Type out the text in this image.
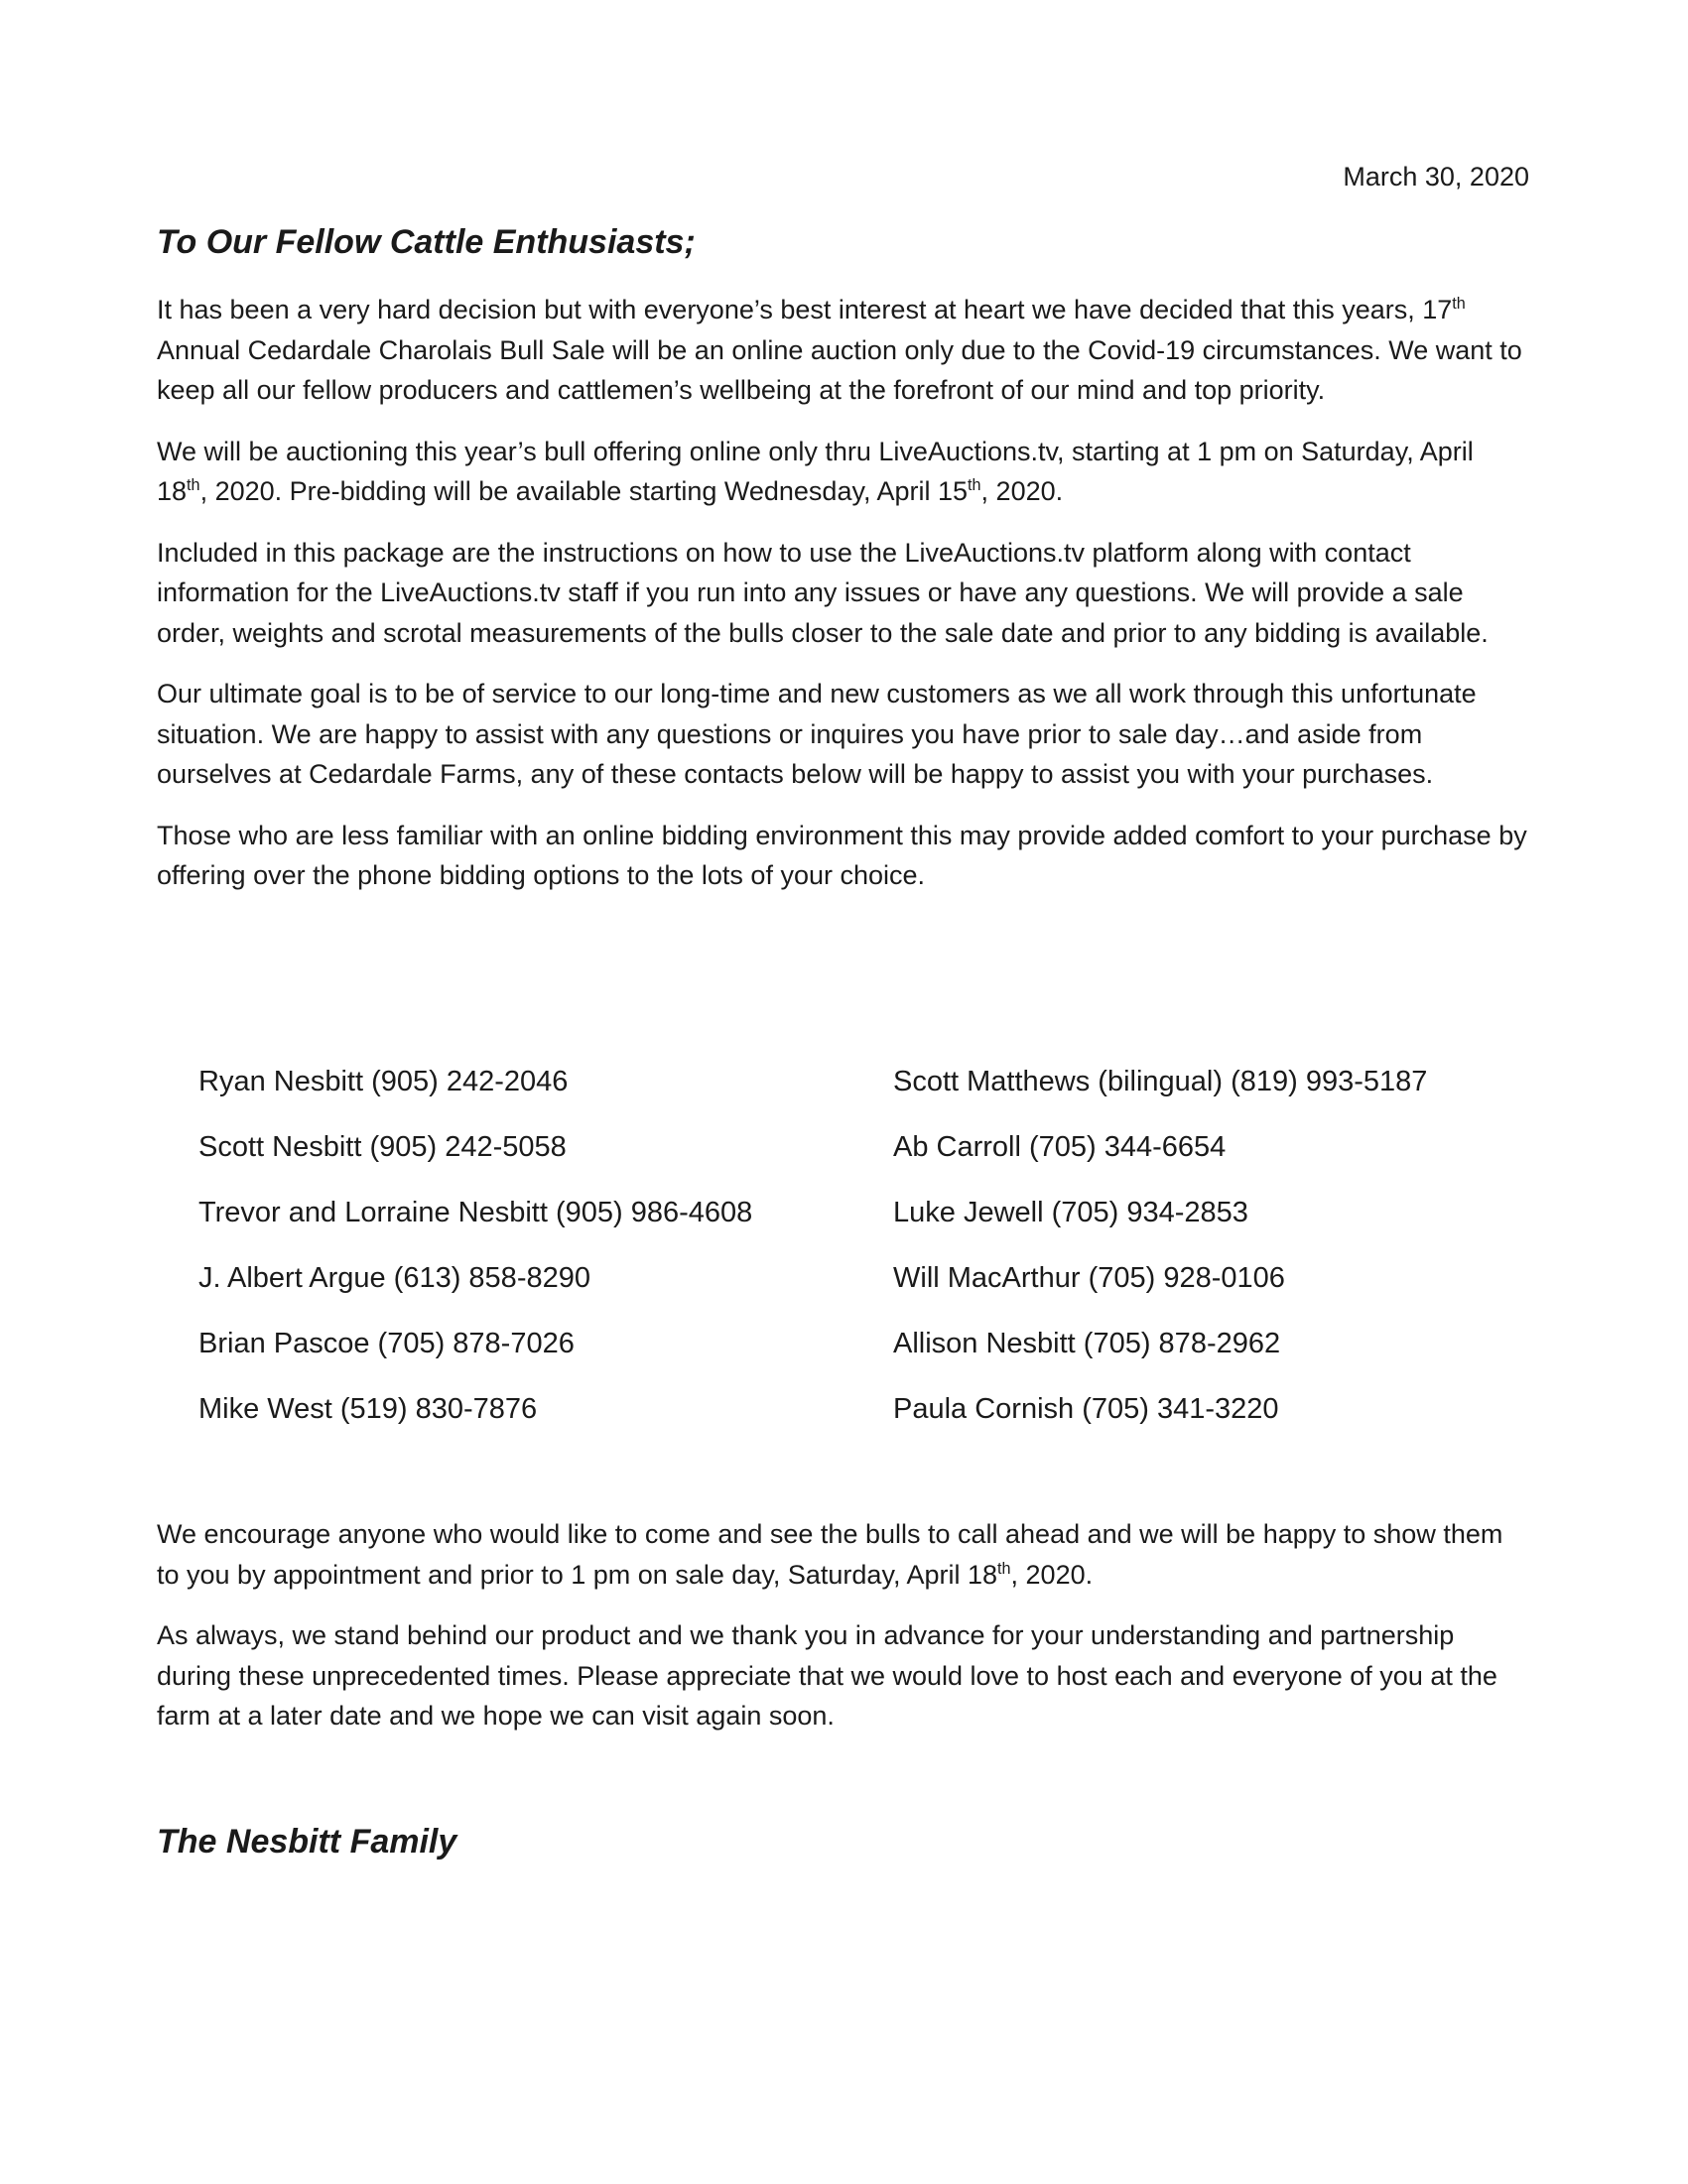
March 30, 2020
To Our Fellow Cattle Enthusiasts;

It has been a very hard decision but with everyone’s best interest at heart we have decided that this years, 17th Annual Cedardale Charolais Bull Sale will be an online auction only due to the Covid-19 circumstances. We want to keep all our fellow producers and cattlemen’s wellbeing at the forefront of our mind and top priority.

We will be auctioning this year’s bull offering online only thru LiveAuctions.tv, starting at 1 pm on Saturday, April 18th, 2020. Pre-bidding will be available starting Wednesday, April 15th, 2020.

Included in this package are the instructions on how to use the LiveAuctions.tv platform along with contact information for the LiveAuctions.tv staff if you run into any issues or have any questions. We will provide a sale order, weights and scrotal measurements of the bulls closer to the sale date and prior to any bidding is available.

Our ultimate goal is to be of service to our long-time and new customers as we all work through this unfortunate situation. We are happy to assist with any questions or inquires you have prior to sale day…and aside from ourselves at Cedardale Farms, any of these contacts below will be happy to assist you with your purchases.

Those who are less familiar with an online bidding environment this may provide added comfort to your purchase by offering over the phone bidding options to the lots of your choice.

Ryan Nesbitt (905) 242-2046	Scott Matthews (bilingual) (819) 993-5187
Scott Nesbitt (905) 242-5058	Ab Carroll (705) 344-6654
Trevor and Lorraine Nesbitt (905) 986-4608	Luke Jewell (705) 934-2853
J. Albert Argue (613) 858-8290	Will MacArthur (705) 928-0106
Brian Pascoe (705) 878-7026	Allison Nesbitt (705) 878-2962
Mike West (519) 830-7876	Paula Cornish (705) 341-3220

We encourage anyone who would like to come and see the bulls to call ahead and we will be happy to show them to you by appointment and prior to 1 pm on sale day, Saturday, April 18th, 2020.

As always, we stand behind our product and we thank you in advance for your understanding and partnership during these unprecedented times. Please appreciate that we would love to host each and everyone of you at the farm at a later date and we hope we can visit again soon.

The Nesbitt Family
